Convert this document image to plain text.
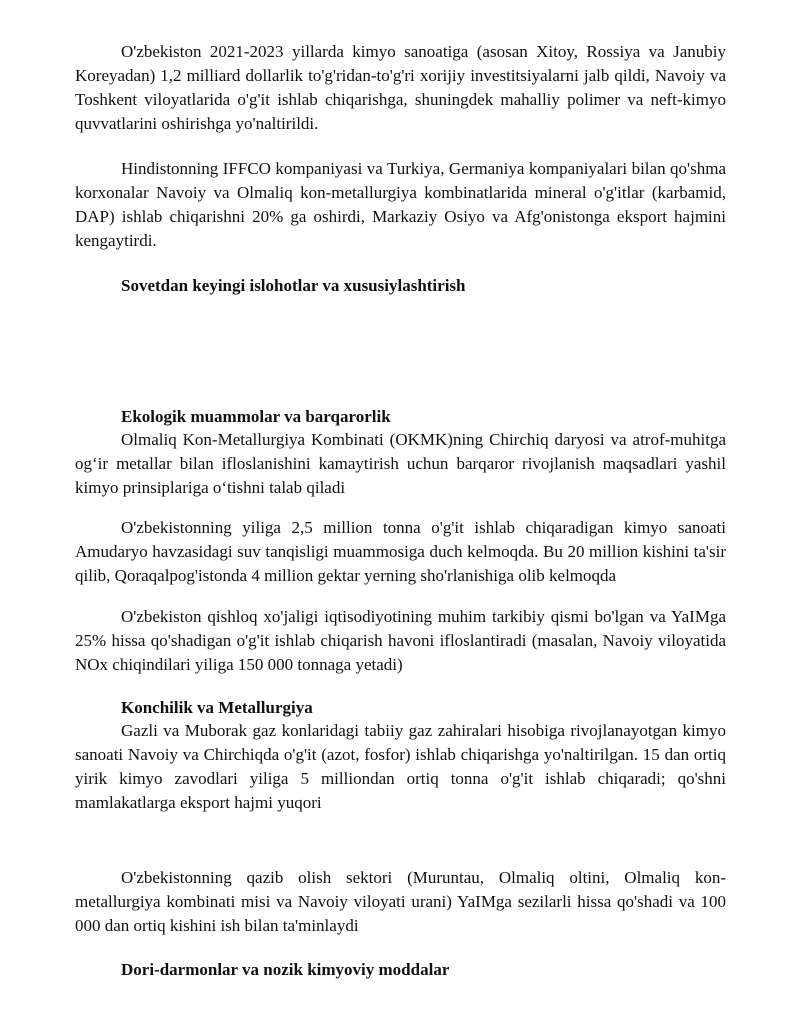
O'zbekiston 2021-2023 yillarda kimyo sanoatiga (asosan Xitoy, Rossiya va Janubiy Koreyadan) 1,2 milliard dollarlik to'g'ridan-to'g'ri xorijiy investitsiyalarni jalb qildi, Navoiy va Toshkent viloyatlarida o'g'it ishlab chiqarishga, shuningdek mahalliy polimer va neft-kimyo quvvatlarini oshirishga yo'naltirildi.

Hindistonning IFFCO kompaniyasi va Turkiya, Germaniya kompaniyalari bilan qo'shma korxonalar Navoiy va Olmaliq kon-metallurgiya kombinatlarida mineral o'g'itlar (karbamid, DAP) ishlab chiqarishni 20% ga oshirdi, Markaziy Osiyo va Afg'onistonga eksport hajmini kengaytirdi.

Sovetdan keyingi islohotlar va xususiylashtirish
Ekologik muammolar va barqarorlik

Olmaliq Kon-Metallurgiya Kombinati (OKMK)ning Chirchiq daryosi va atrof-muhitga og‘ir metallar bilan ifloslanishini kamaytirish uchun barqaror rivojlanish maqsadlari yashil kimyo prinsiplariga o‘tishni talab qiladi

O'zbekistonning yiliga 2,5 million tonna o'g'it ishlab chiqaradigan kimyo sanoati Amudaryo havzasidagi suv tanqisligi muammosiga duch kelmoqda. Bu 20 million kishini ta'sir qilib, Qoraqalpog'istonda 4 million gektar yerning sho'rlanishiga olib kelmoqda

O'zbekiston qishloq xo'jaligi iqtisodiyotining muhim tarkibiy qismi bo'lgan va YaIMga 25% hissa qo'shadigan o'g'it ishlab chiqarish havoni ifloslantiradi (masalan, Navoiy viloyatida NOx chiqindilari yiliga 150 000 tonnaga yetadi)

Konchilik va Metallurgiya

Gazli va Muborak gaz konlaridagi tabiiy gaz zahiralari hisobiga rivojlanayotgan kimyo sanoati Navoiy va Chirchiqda o'g'it (azot, fosfor) ishlab chiqarishga yo'naltirilgan. 15 dan ortiq yirik kimyo zavodlari yiliga 5 milliondan ortiq tonna o'g'it ishlab chiqaradi; qo'shni mamlakatlarga eksport hajmi yuqori

O'zbekistonning qazib olish sektori (Muruntau, Olmaliq oltini, Olmaliq kon-metallurgiya kombinati misi va Navoiy viloyati urani) YaIMga sezilarli hissa qo'shadi va 100 000 dan ortiq kishini ish bilan ta'minlaydi

Dori-darmonlar va nozik kimyoviy moddalar
